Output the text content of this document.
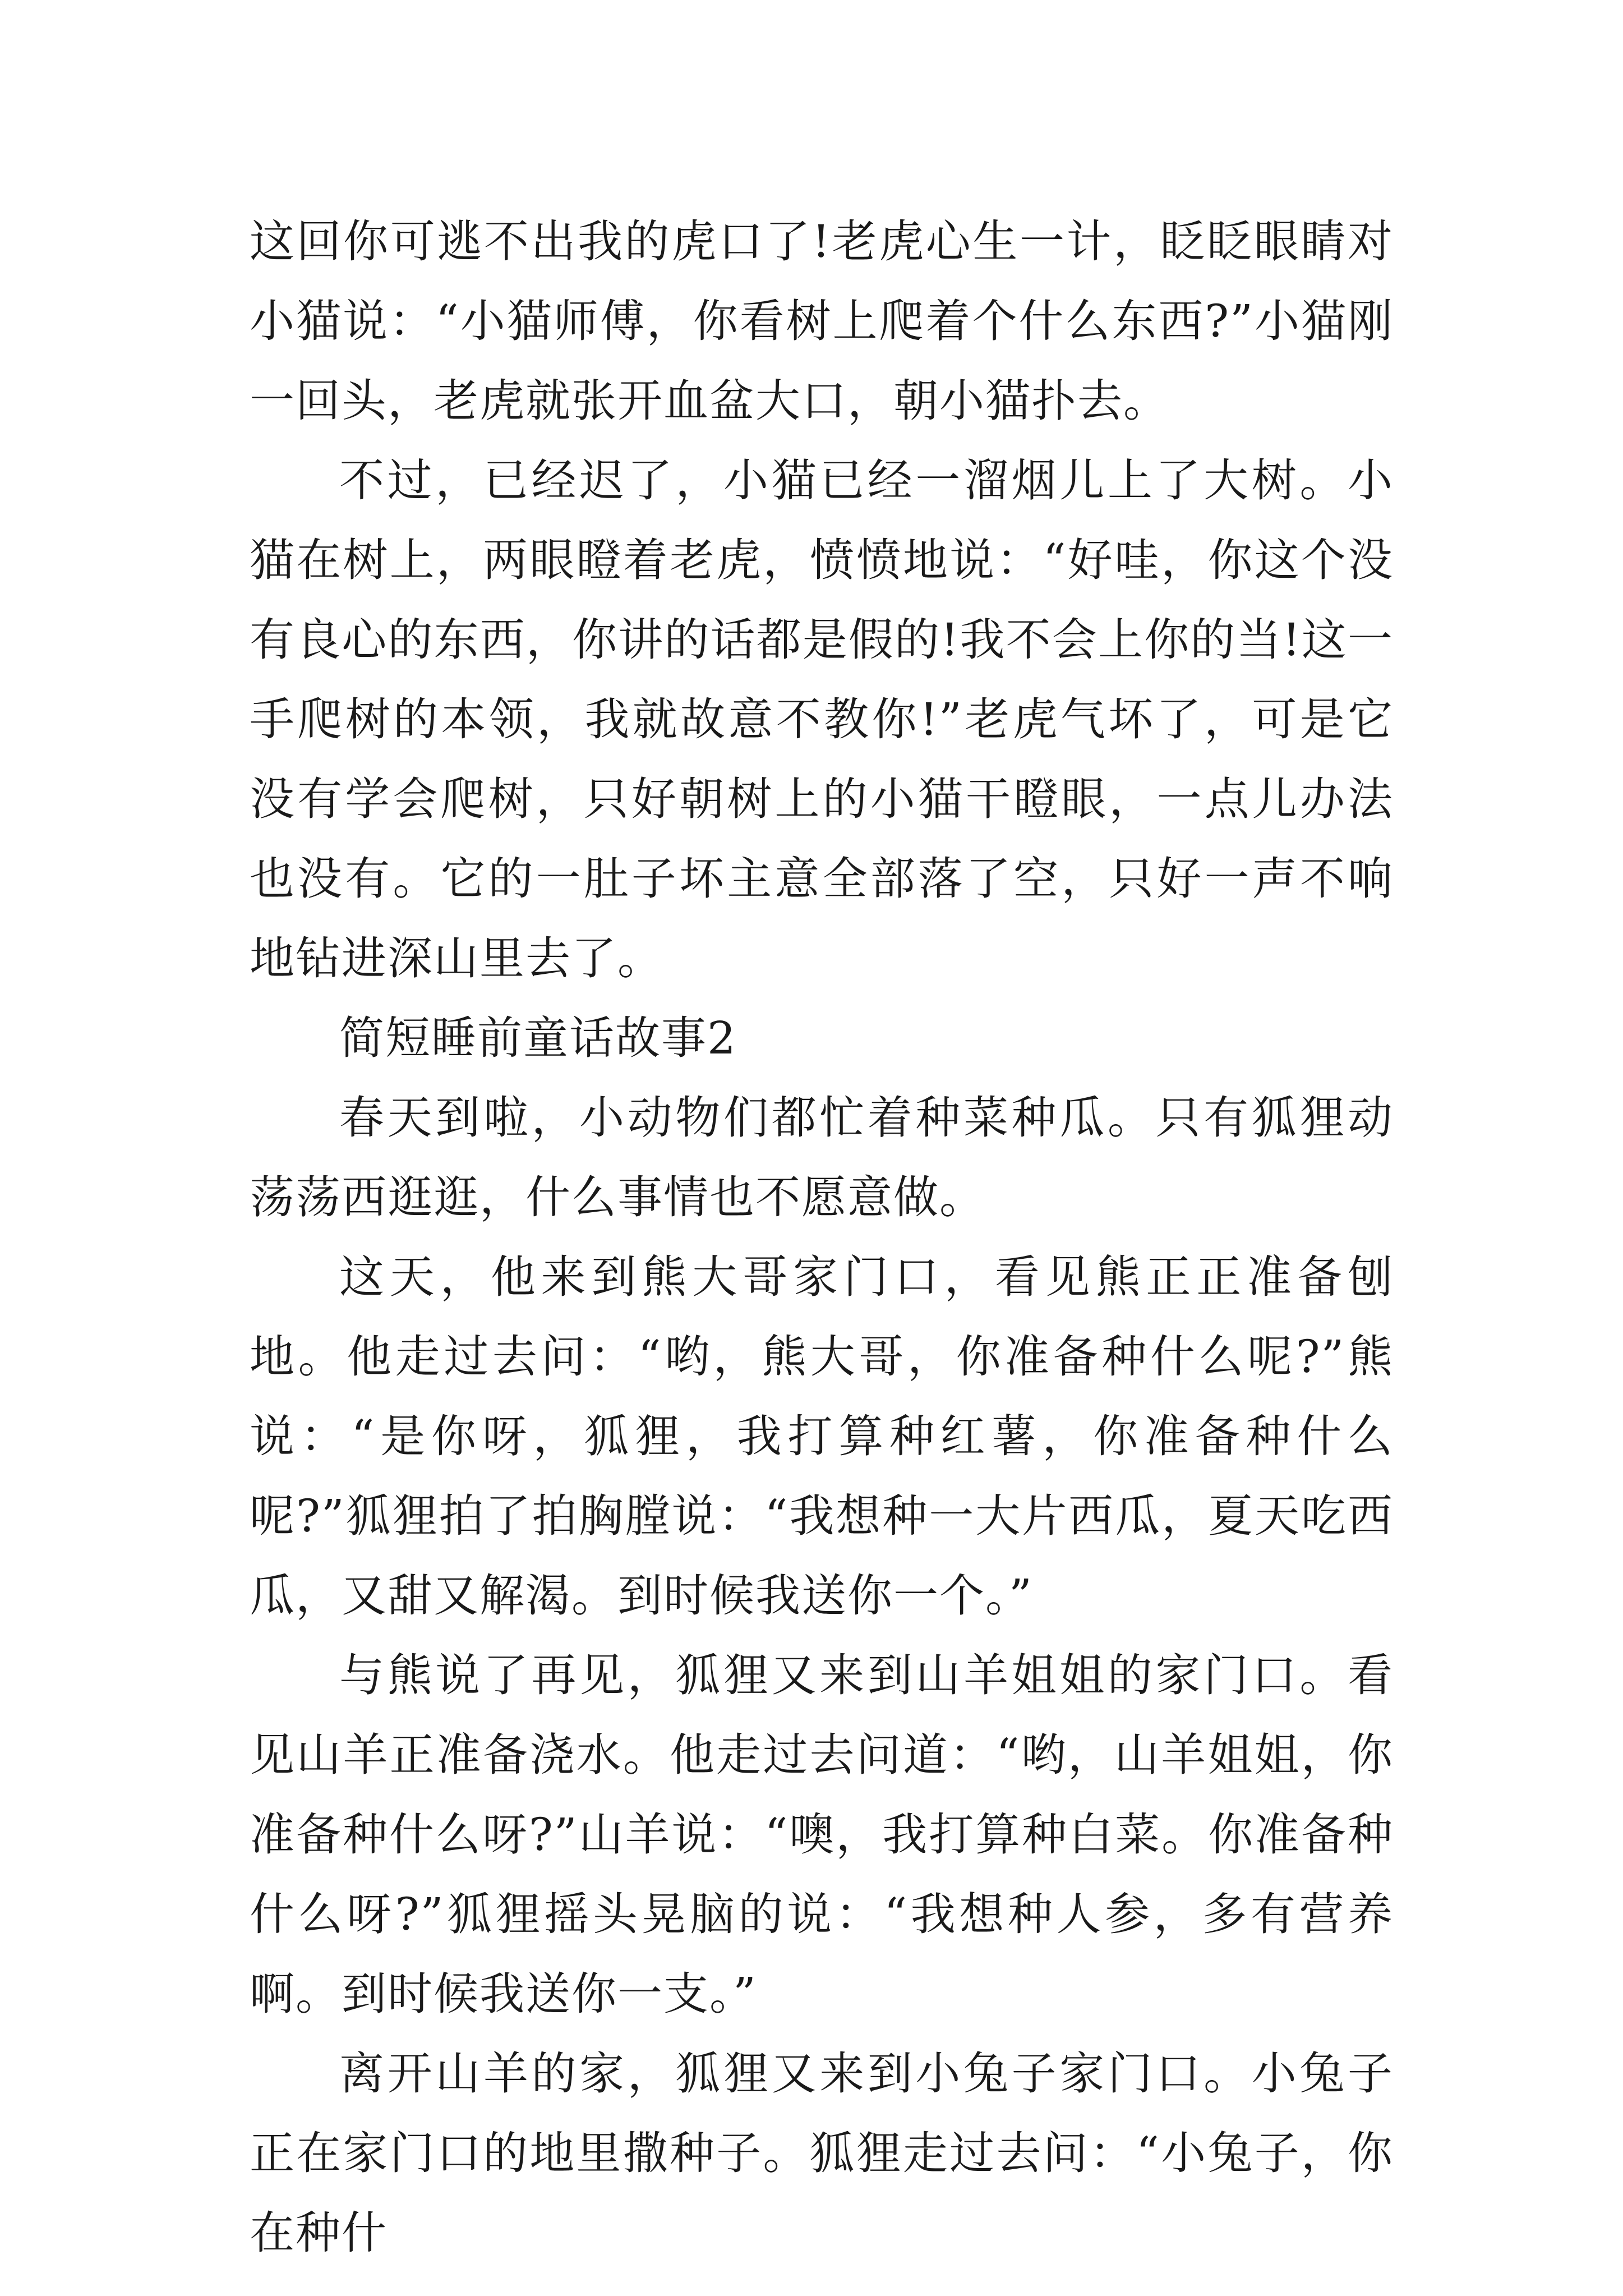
这回你可逃不出我的虎口了!老虎心生一计，眨眨眼睛对小猫说：“小猫师傅，你看树上爬着个什么东西?”小猫刚一回头，老虎就张开血盆大口，朝小猫扑去。

不过，已经迟了，小猫已经一溜烟儿上了大树。小猫在树上，两眼瞪着老虎，愤愤地说：“好哇，你这个没有良心的东西，你讲的话都是假的!我不会上你的当!这一手爬树的本领，我就故意不教你!”老虎气坏了，可是它没有学会爬树，只好朝树上的小猫干瞪眼，一点儿办法也没有。它的一肚子坏主意全部落了空，只好一声不响地钻进深山里去了。

简短睡前童话故事2

春天到啦，小动物们都忙着种菜种瓜。只有狐狸动荡荡西逛逛，什么事情也不愿意做。

这天，他来到熊大哥家门口，看见熊正正准备刨地。他走过去问：“哟，熊大哥，你准备种什么呢?”熊说：“是你呀，狐狸，我打算种红薯，你准备种什么呢?”狐狸拍了拍胸膛说：“我想种一大片西瓜，夏天吃西瓜，又甜又解渴。到时候我送你一个。”

与熊说了再见，狐狸又来到山羊姐姐的家门口。看见山羊正准备浇水。他走过去问道：“哟，山羊姐姐，你准备种什么呀?”山羊说：“噢，我打算种白菜。你准备种什么呀?”狐狸摇头晃脑的说：“我想种人参，多有营养啊。到时候我送你一支。”

离开山羊的家，狐狸又来到小兔子家门口。小兔子正在家门口的地里撒种子。狐狸走过去问：“小兔子，你在种什
